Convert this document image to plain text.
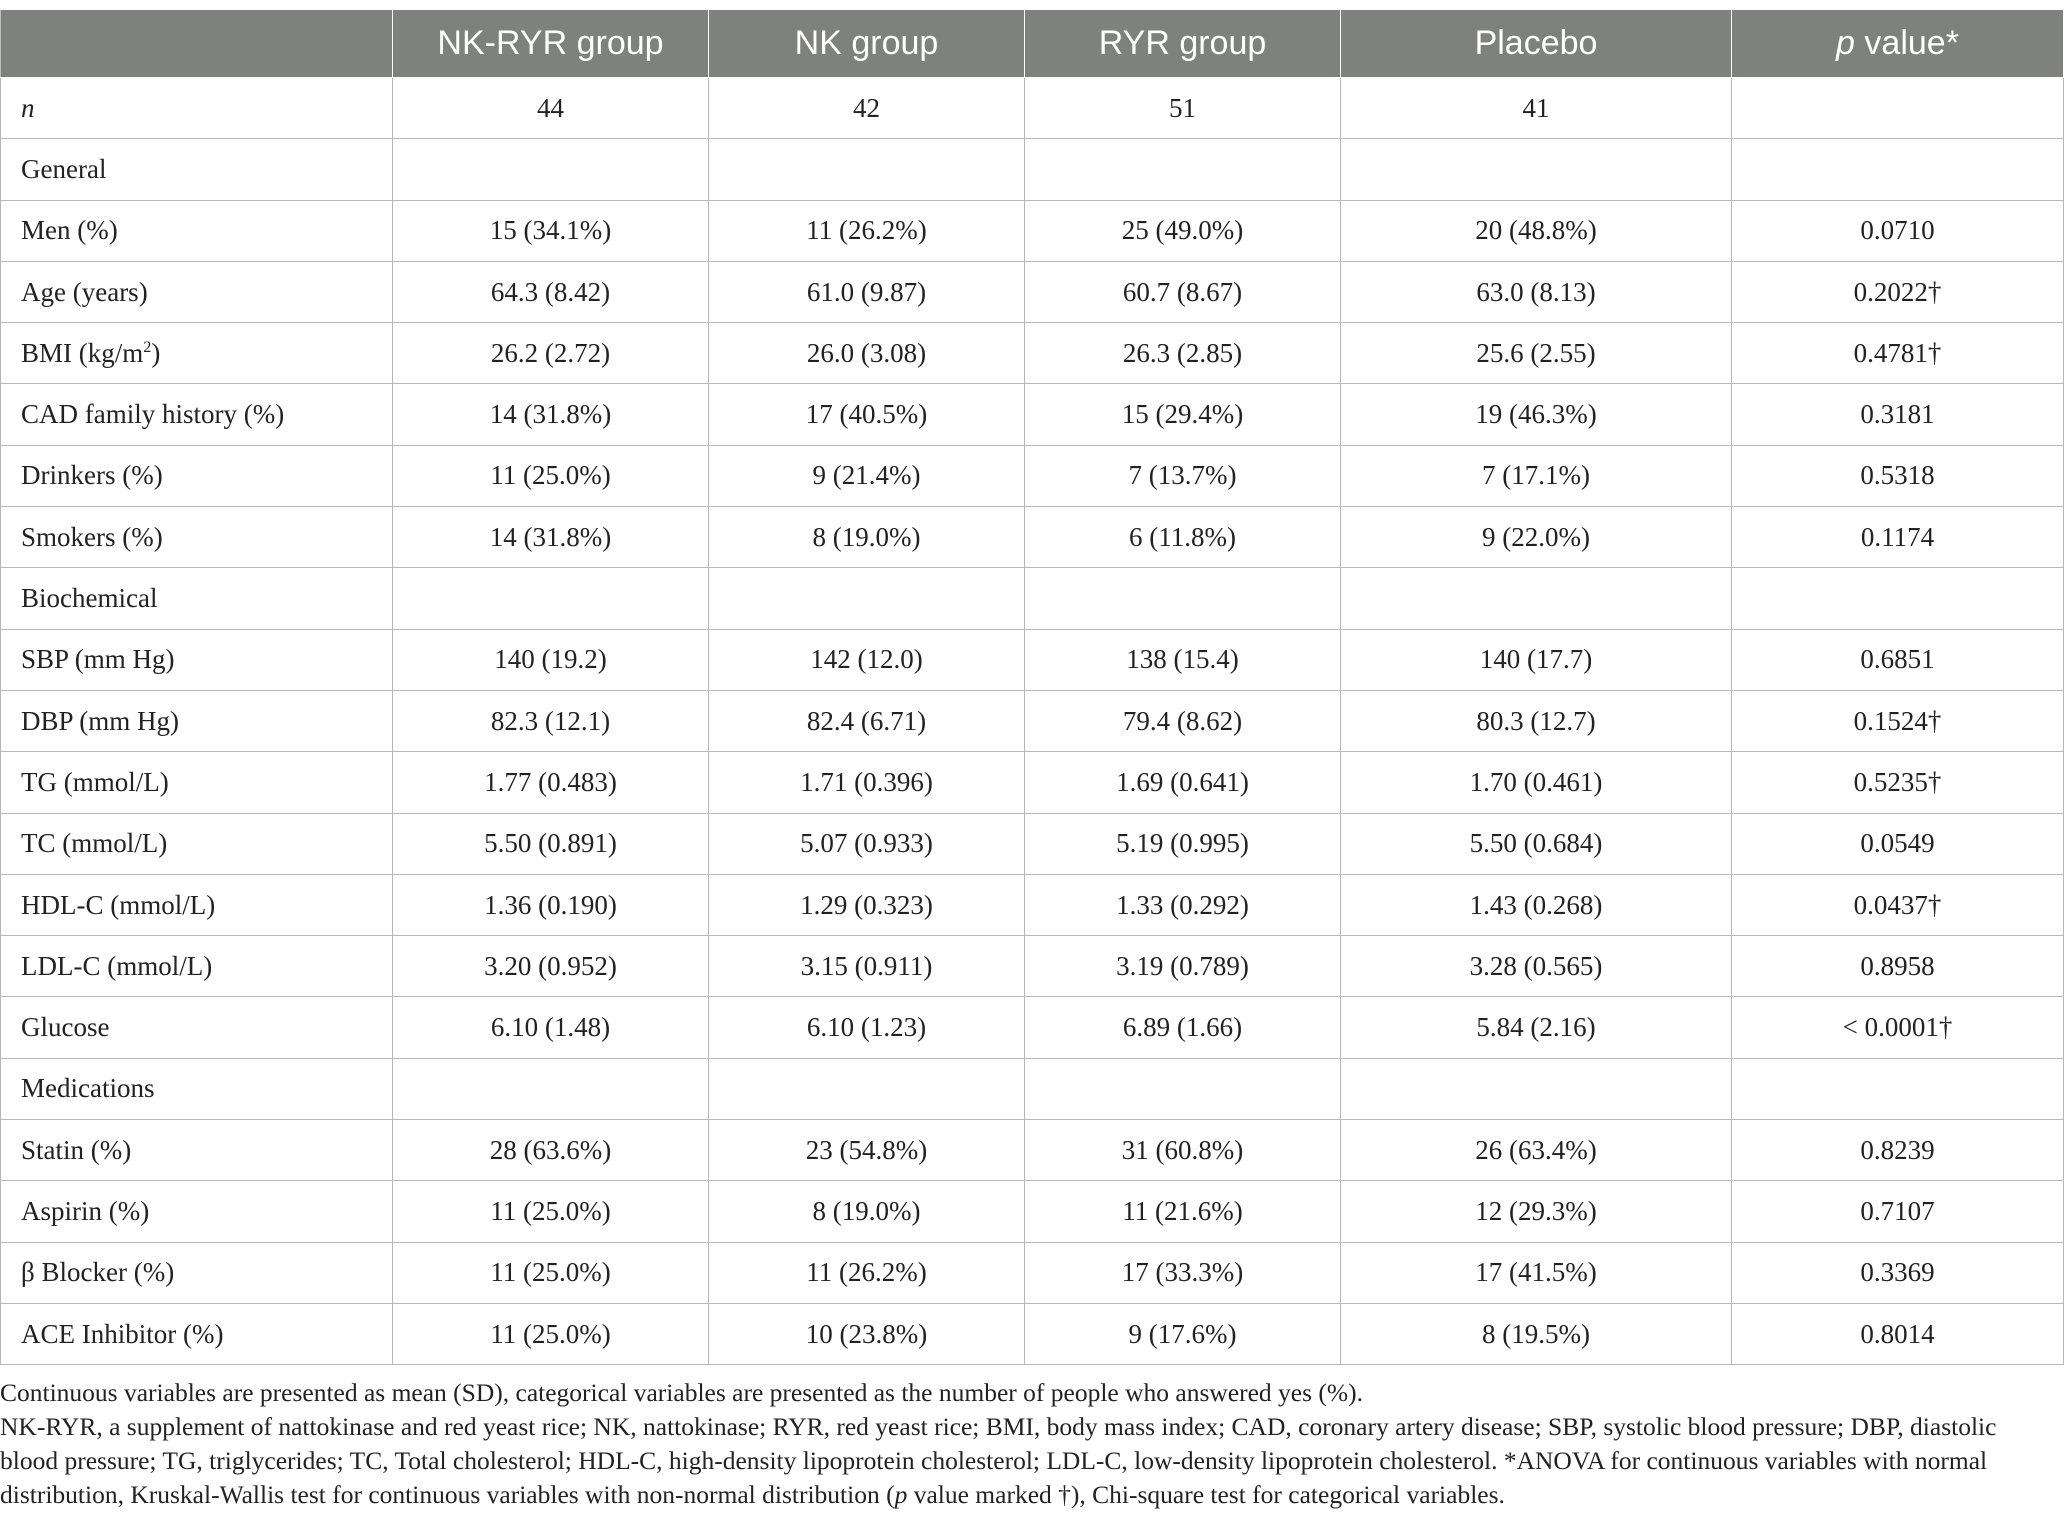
	NK-RYR group	NK group	RYR group	Placebo	p value*
n	44	42	51	41	
General					
Men (%)	15 (34.1%)	11 (26.2%)	25 (49.0%)	20 (48.8%)	0.0710
Age (years)	64.3 (8.42)	61.0 (9.87)	60.7 (8.67)	63.0 (8.13)	0.2022†
BMI $(kg/m^2)$	26.2 (2.72)	26.0 (3.08)	26.3 (2.85)	25.6 (2.55)	0.4781†
CAD family history (%)	14 (31.8%)	17 (40.5%)	15 (29.4%)	19 (46.3%)	0.3181
Drinkers (%)	11 (25.0%)	9 (21.4%)	7 (13.7%)	7 (17.1%)	0.5318
Smokers (%)	14 (31.8%)	8 (19.0%)	6 (11.8%)	9 (22.0%)	0.1174
Biochemical					
SBP (mm Hg)	140 (19.2)	142 (12.0)	138 (15.4)	140 (17.7)	0.6851
DBP (mm Hg)	82.3 (12.1)	82.4 (6.71)	79.4 (8.62)	80.3 (12.7)	0.1524†
TG (mmol/L)	1.77 (0.483)	1.71 (0.396)	1.69 (0.641)	1.70 (0.461)	0.5235†
TC (mmol/L)	5.50 (0.891)	5.07 (0.933)	5.19 (0.995)	5.50 (0.684)	0.0549
HDL-C (mmol/L)	1.36 (0.190)	1.29 (0.323)	1.33 (0.292)	1.43 (0.268)	0.0437†
LDL-C (mmol/L)	3.20 (0.952)	3.15 (0.911)	3.19 (0.789)	3.28 (0.565)	0.8958
Glucose	6.10 (1.48)	6.10 (1.23)	6.89 (1.66)	5.84 (2.16)	< 0.0001†
Medications					
Statin (%)	28 (63.6%)	23 (54.8%)	31 (60.8%)	26 (63.4%)	0.8239
Aspirin (%)	11 (25.0%)	8 (19.0%)	11 (21.6%)	12 (29.3%)	0.7107
β Blocker (%)	11 (25.0%)	11 (26.2%)	17 (33.3%)	17 (41.5%)	0.3369
ACE Inhibitor (%)	11 (25.0%)	10 (23.8%)	9 (17.6%)	8 (19.5%)	0.8014

Continuous variables are presented as mean (SD), categorical variables are presented as the number of people who answered yes (%).

NK-RYR, a supplement of nattokinase and red yeast rice; NK, nattokinase; RYR, red yeast rice; BMI, body mass index; CAD, coronary artery disease; SBP, systolic blood pressure; DBP, diastolic blood pressure; TG, triglycerides; TC, Total cholesterol; HDL-C, high-density lipoprotein cholesterol; LDL-C, low-density lipoprotein cholesterol. *ANOVA for continuous variables with normal distribution, Kruskal-Wallis test for continuous variables with non-normal distribution (p value marked †), Chi-square test for categorical variables.
